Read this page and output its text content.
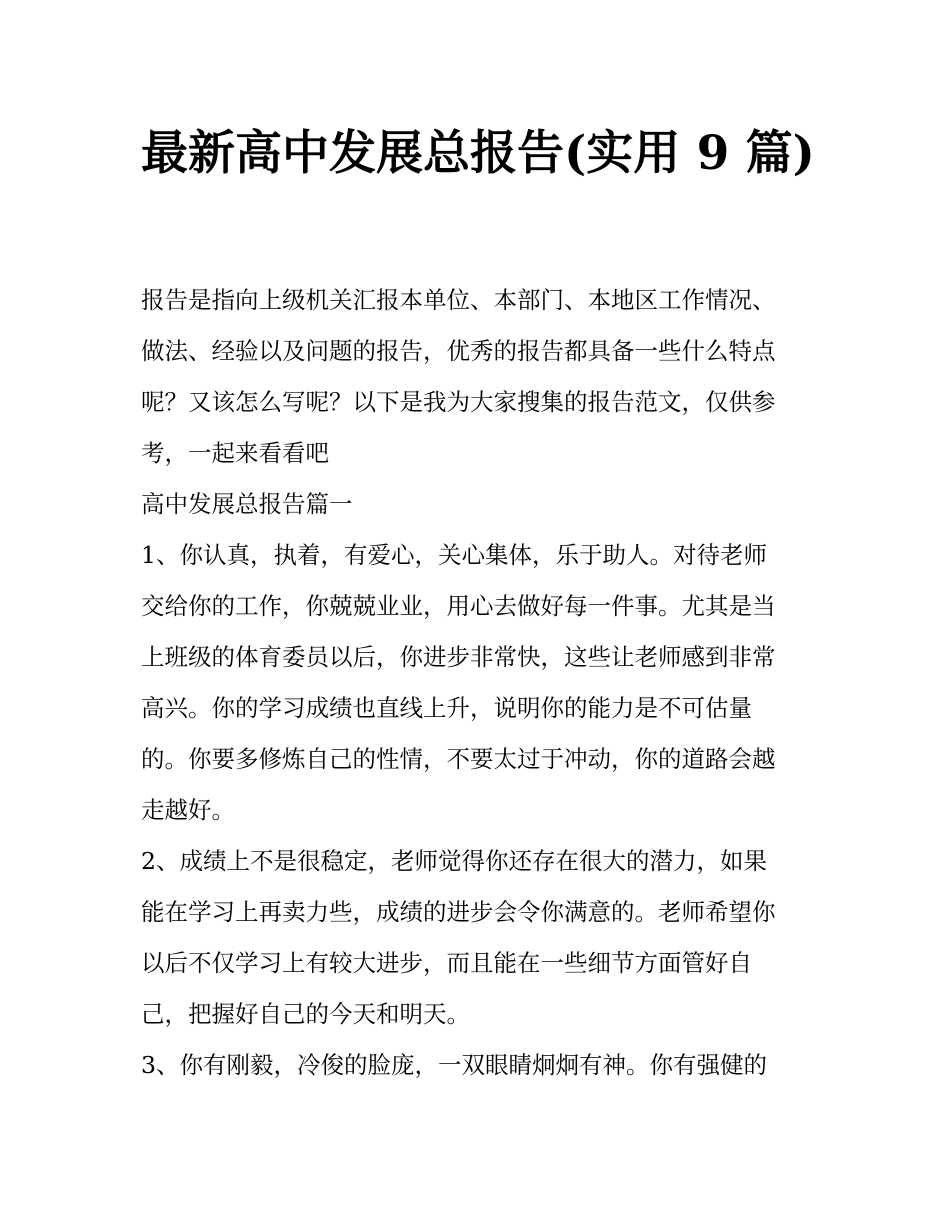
最新高中发展总报告(实用 9 篇)

报告是指向上级机关汇报本单位、本部门、本地区工作情况、

做法、经验以及问题的报告，优秀的报告都具备一些什么特点

呢？又该怎么写呢？以下是我为大家搜集的报告范文，仅供参

考，一起来看看吧

高中发展总报告篇一

1、你认真，执着，有爱心，关心集体，乐于助人。对待老师

交给你的工作，你兢兢业业，用心去做好每一件事。尤其是当

上班级的体育委员以后，你进步非常快，这些让老师感到非常

高兴。你的学习成绩也直线上升，说明你的能力是不可估量

的。你要多修炼自己的性情，不要太过于冲动，你的道路会越

走越好。

2、成绩上不是很稳定，老师觉得你还存在很大的潜力，如果

能在学习上再卖力些，成绩的进步会令你满意的。老师希望你

以后不仅学习上有较大进步，而且能在一些细节方面管好自

己，把握好自己的今天和明天。

3、你有刚毅，冷俊的脸庞，一双眼睛炯炯有神。你有强健的
